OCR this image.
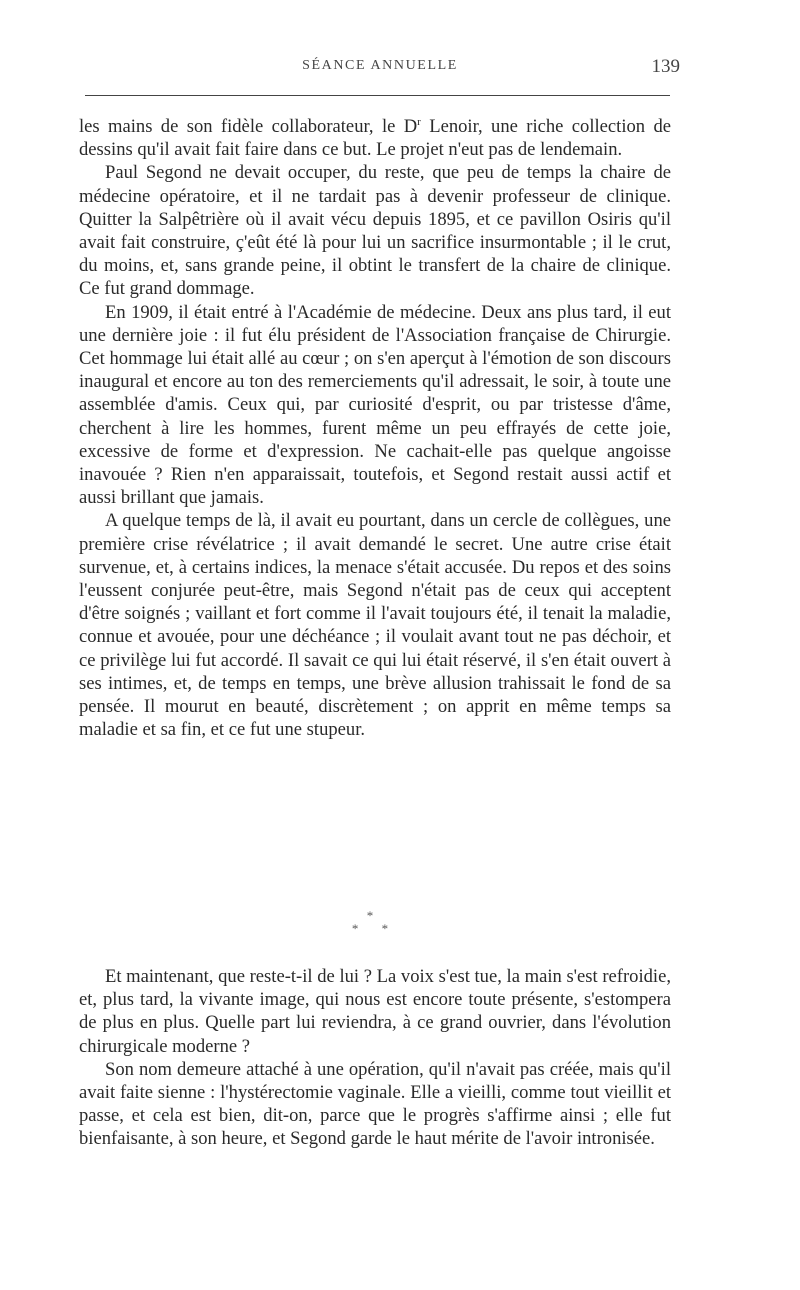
SÉANCE ANNUELLE	139

les mains de son fidèle collaborateur, le $D^r$ Lenoir, une riche collection de dessins qu'il avait fait faire dans ce but. Le projet n'eut pas de lendemain.

Paul Segond ne devait occuper, du reste, que peu de temps la chaire de médecine opératoire, et il ne tardait pas à devenir professeur de clinique. Quitter la Salpêtrière où il avait vécu depuis 1895, et ce pavillon Osiris qu'il avait fait construire, ç'eût été là pour lui un sacrifice insurmontable ; il le crut, du moins, et, sans grande peine, il obtint le transfert de la chaire de clinique. Ce fut grand dommage.

En 1909, il était entré à l'Académie de médecine. Deux ans plus tard, il eut une dernière joie : il fut élu président de l'Association française de Chirurgie. Cet hommage lui était allé au cœur ; on s'en aperçut à l'émotion de son discours inaugural et encore au ton des remerciements qu'il adressait, le soir, à toute une assemblée d'amis. Ceux qui, par curiosité d'esprit, ou par tristesse d'âme, cherchent à lire les hommes, furent même un peu effrayés de cette joie, excessive de forme et d'expression. Ne cachait-elle pas quelque angoisse inavouée ? Rien n'en apparaissait, toutefois, et Segond restait aussi actif et aussi brillant que jamais.

A quelque temps de là, il avait eu pourtant, dans un cercle de collègues, une première crise révélatrice ; il avait demandé le secret. Une autre crise était survenue, et, à certains indices, la menace s'était accusée. Du repos et des soins l'eussent conjurée peut-être, mais Segond n'était pas de ceux qui acceptent d'être soignés ; vaillant et fort comme il l'avait toujours été, il tenait la maladie, connue et avouée, pour une déchéance ; il voulait avant tout ne pas déchoir, et ce privilège lui fut accordé. Il savait ce qui lui était réservé, il s'en était ouvert à ses intimes, et, de temps en temps, une brève allusion trahissait le fond de sa pensée. Il mourut en beauté, discrètement ; on apprit en même temps sa maladie et sa fin, et ce fut une stupeur.

*
* *

Et maintenant, que reste-t-il de lui ? La voix s'est tue, la main s'est refroidie, et, plus tard, la vivante image, qui nous est encore toute présente, s'estompera de plus en plus. Quelle part lui reviendra, à ce grand ouvrier, dans l'évolution chirurgicale moderne ?

Son nom demeure attaché à une opération, qu'il n'avait pas créée, mais qu'il avait faite sienne : l'hystérectomie vaginale. Elle a vieilli, comme tout vieillit et passe, et cela est bien, dit-on, parce que le progrès s'affirme ainsi ; elle fut bienfaisante, à son heure, et Segond garde le haut mérite de l'avoir intronisée.
